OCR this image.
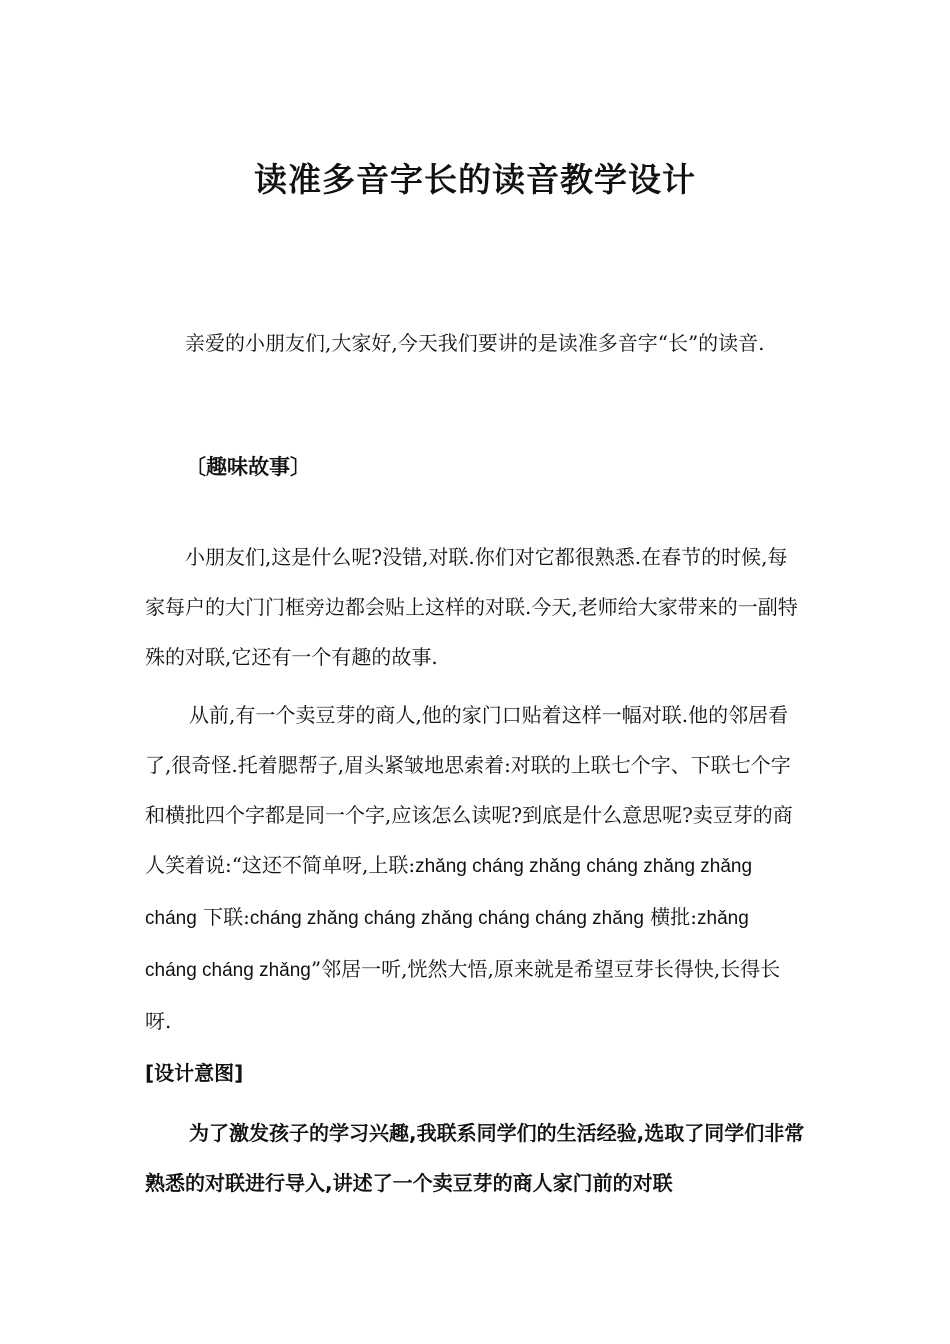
读准多音字长的读音教学设计

亲爱的小朋友们,大家好,今天我们要讲的是读准多音字“长”的读音.

〔趣味故事〕

小朋友们,这是什么呢?没错,对联.你们对它都很熟悉.在春节的时候,每家每户的大门门框旁边都会贴上这样的对联.今天,老师给大家带来的一副特殊的对联,它还有一个有趣的故事.

从前,有一个卖豆芽的商人,他的家门口贴着这样一幅对联.他的邻居看了,很奇怪.托着腮帮子,眉头紧皱地思索着:对联的上联七个字、下联七个字和横批四个字都是同一个字,应该怎么读呢?到底是什么意思呢?卖豆芽的商人笑着说:“这还不简单呀,上联:zhǎng cháng zhǎng cháng zhǎng zhǎng cháng 下联:cháng zhǎng cháng zhǎng cháng cháng zhǎng 横批:zhǎng cháng cháng zhǎng”邻居一听,恍然大悟,原来就是希望豆芽长得快,长得长呀.

[设计意图]

为了激发孩子的学习兴趣,我联系同学们的生活经验,选取了同学们非常熟悉的对联进行导入,讲述了一个卖豆芽的商人家门前的对联
